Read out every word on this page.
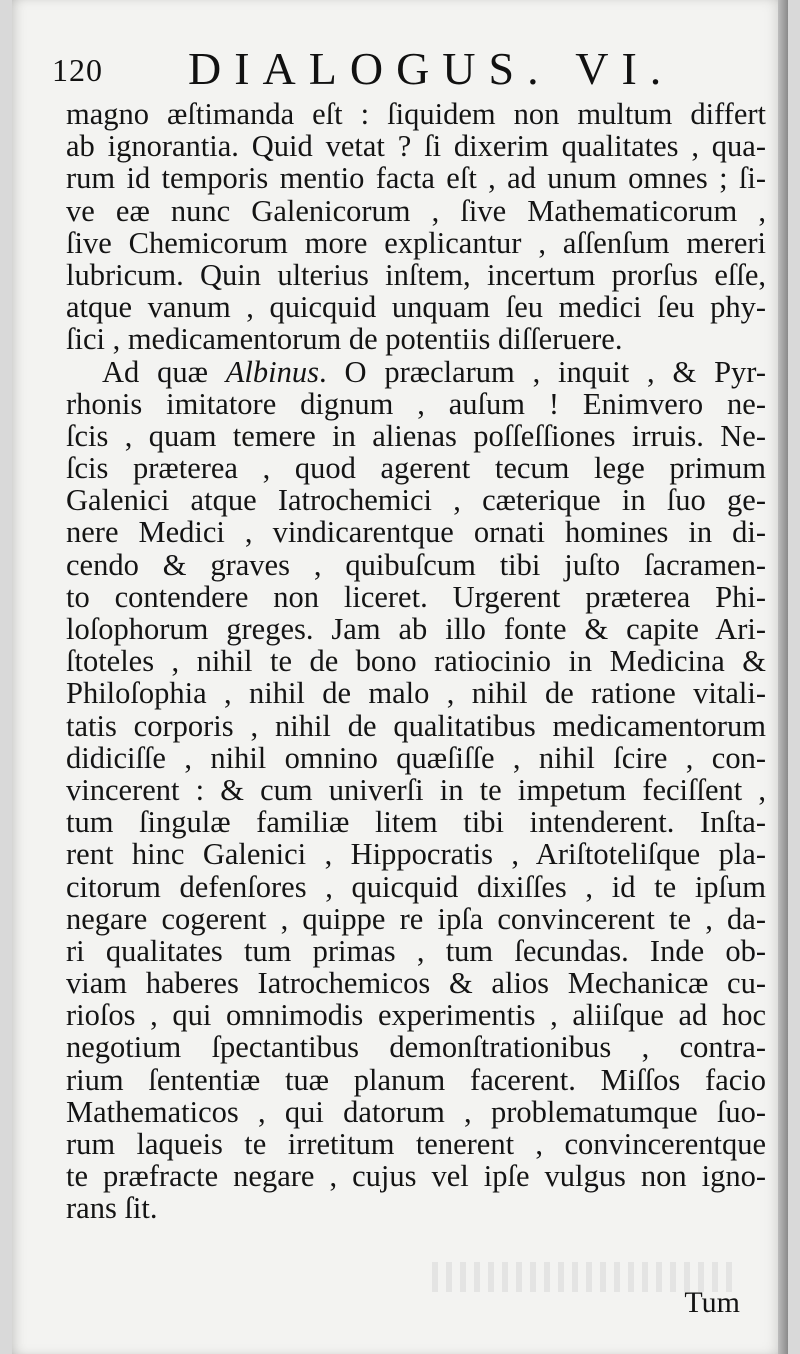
120 DIALOGUS. VI.
magno æſtimanda eſt : ſiquidem non multum differt
ab ignorantia. Quid vetat ? ſi dixerim qualitates , qua-
rum id temporis mentio facta eſt , ad unum omnes ; ſi-
ve eæ nunc Galenicorum , ſive Mathematicorum ,
ſive Chemicorum more explicantur , aſſenſum mereri
lubricum. Quin ulterius inſtem, incertum prorſus eſſe,
atque vanum , quicquid unquam ſeu medici ſeu phy-
ſici , medicamentorum de potentiis diſſeruere.
Ad quæ Albinus. O præclarum , inquit , & Pyr-
rhonis imitatore dignum , auſum ! Enimvero ne-
ſcis , quam temere in alienas poſſeſſiones irruis. Ne-
ſcis præterea , quod agerent tecum lege primum
Galenici atque Iatrochemici , cæterique in ſuo ge-
nere Medici , vindicarentque ornati homines in di-
cendo & graves , quibuſcum tibi juſto ſacramen-
to contendere non liceret. Urgerent præterea Phi-
loſophorum greges. Jam ab illo fonte & capite Ari-
ſtoteles , nihil te de bono ratiocinio in Medicina &
Philoſophia , nihil de malo , nihil de ratione vitali-
tatis corporis , nihil de qualitatibus medicamentorum
didiciſſe , nihil omnino quæſiſſe , nihil ſcire , con-
vincerent : & cum univerſi in te impetum feciſſent ,
tum ſingulæ familiæ litem tibi intenderent. Inſta-
rent hinc Galenici , Hippocratis , Ariſtoteliſque pla-
citorum defenſores , quicquid dixiſſes , id te ipſum
negare cogerent , quippe re ipſa convincerent te , da-
ri qualitates tum primas , tum ſecundas. Inde ob-
viam haberes Iatrochemicos & alios Mechanicæ cu-
rioſos , qui omnimodis experimentis , aliiſque ad hoc
negotium ſpectantibus demonſtrationibus , contra-
rium ſententiæ tuæ planum facerent. Miſſos facio
Mathematicos , qui datorum , problematumque ſuo-
rum laqueis te irretitum tenerent , convincerentque
te præfracte negare , cujus vel ipſe vulgus non igno-
rans ſit.
Tum
